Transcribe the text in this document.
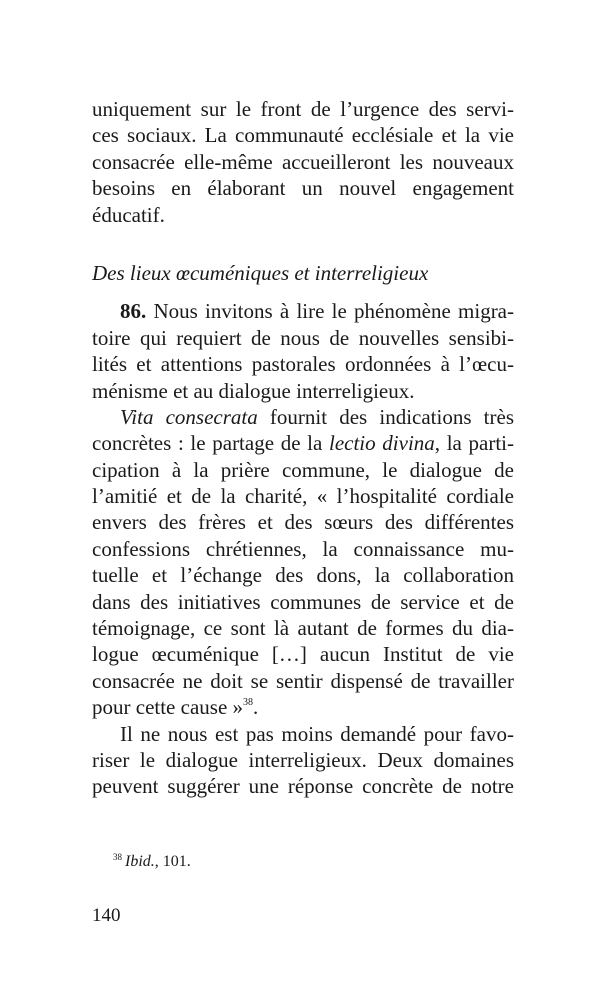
uniquement sur le front de l’urgence des servi-
ces sociaux. La communauté ecclésiale et la vie
consacrée elle-même accueilleront les nouveaux
besoins en élaborant un nouvel engagement
éducatif.
Des lieux œcuméniques et interreligieux
86. Nous invitons à lire le phénomène migra-
toire qui requiert de nous de nouvelles sensibi-
lités et attentions pastorales ordonnées à l’œcu-
ménisme et au dialogue interreligieux.
Vita consecrata fournit des indications très
concrètes : le partage de la lectio divina, la parti-
cipation à la prière commune, le dialogue de
l’amitié et de la charité, « l’hospitalité cordiale
envers des frères et des sœurs des différentes
confessions chrétiennes, la connaissance mu-
tuelle et l’échange des dons, la collaboration
dans des initiatives communes de service et de
témoignage, ce sont là autant de formes du dia-
logue œcuménique […] aucun Institut de vie
consacrée ne doit se sentir dispensé de travailler
pour cette cause »$^{38}$.
Il ne nous est pas moins demandé pour favo-
riser le dialogue interreligieux. Deux domaines
peuvent suggérer une réponse concrète de notre
$^{38}$ Ibid., 101.
140
